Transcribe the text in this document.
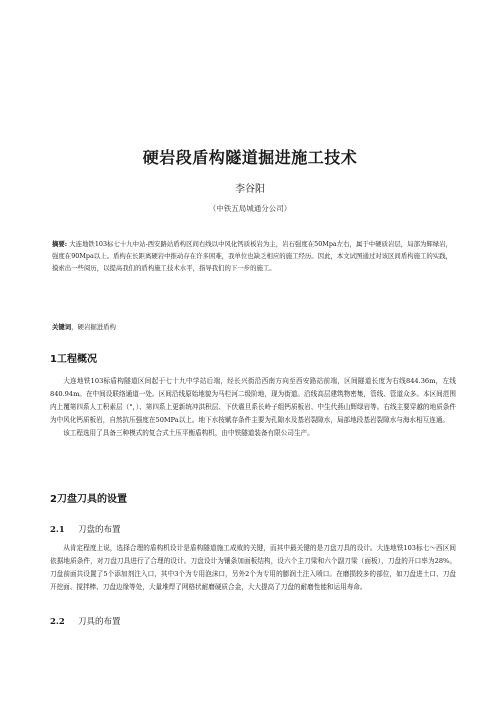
硬岩段盾构隧道掘进施工技术
李谷阳
（中铁五局城通分公司）
摘要: 大连地铁103标七十九中站-西安路站盾构区间右线以中风化钙质板岩为主，岩石强度在50Mpa左右，属于中硬质岩层，局部为辉绿岩，强度在90Mpa以上。盾构在长距离硬岩中推动存在许多困难，我单位也缺乏相应的施工经历。因此，本文试图通过对该区间盾构施工的实践，摸索出一些阅历，以提高我们的盾构施工技术水平，指导我们的下一步的施工。
关键词，硬岩掘进盾构
1工程概况

大连地铁103标盾构隧道区间起于七十九中学站后端，经长兴街沿西南方向至西安路站前端，区间隧道长度为右线844.36m，左线840.94m。在中间设联络通道一处。区间沿线原始地貌为马栏河二级阶地，现为街道。沿线高层建筑物密集，管线、管道众多。本区间范围内上覆第四系人工积素层（°，）、第四系上更新统冲洪积层、下伏震旦系长岭子组钙质板岩、中生代燕山辉绿岩等。右线主要穿越的地质条件为中风化钙质板岩，自然抗压强度在50MPa以上。地下水按赋存条件主要为孔隙水及基岩裂隙水，局部地段基岩裂隙水与海水相互连通。

该工程选用了具备三种模式的复合式土压平衡盾构机，由中铁隧道装备有限公司生产。

2刀盘刀具的设置
2.1 刀盘的布置

从肯定程度上说，选择合理的盾构机设计是盾构隧道施工成败的关键，而其中最关键的是刀盘刀具的设计。大连地铁103标七～西区间依据地质条件，对刀盘刀具进行了合理的设计。刀盘设计为镶条加面板结构，设六个主刀梁和六个副刀梁（面板），刀盘的开口率为28%。刀盘前面共设置了5个添加剂注入口，其中3个为专用泡沫口，另外2个为专用的膨润土注入喷口。在磨损较多的部位，如刀盘进土口、刀盘开挖面、搅拌棒、刀盘边缘等处，大量堆焊了网格状耐磨硬质合金，大大提高了刀盘的耐磨性能和运用寿命。

2.2 刀具的布置
